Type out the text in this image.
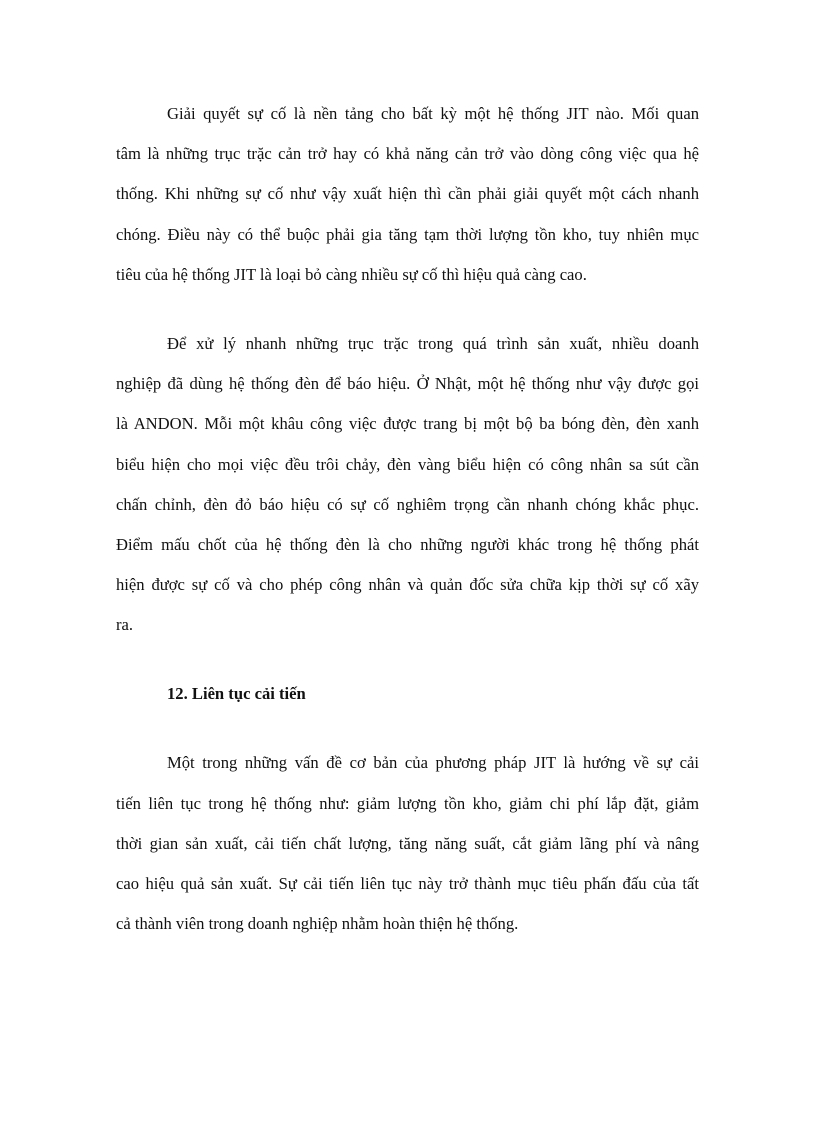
Giải quyết sự cố là nền tảng cho bất kỳ một hệ thống JIT nào. Mối quan
tâm là những trục trặc cản trở hay có khả năng cản trở vào dòng công việc qua hệ
thống. Khi những sự cố như vậy xuất hiện thì cần phải giải quyết một cách nhanh
chóng. Điều này có thể buộc phải gia tăng tạm thời lượng tồn kho, tuy nhiên mục
tiêu của hệ thống JIT là loại bỏ càng nhiều sự cố thì hiệu quả càng cao.
Để xử lý nhanh những trục trặc trong quá trình sản xuất, nhiều doanh
nghiệp đã dùng hệ thống đèn để báo hiệu. Ở Nhật, một hệ thống như vậy được gọi
là ANDON. Mỗi một khâu công việc được trang bị một bộ ba bóng đèn, đèn xanh
biểu hiện cho mọi việc đều trôi chảy, đèn vàng biểu hiện có công nhân sa sút cần
chấn chỉnh, đèn đỏ báo hiệu có sự cố nghiêm trọng cần nhanh chóng khắc phục.
Điểm mấu chốt của hệ thống đèn là cho những người khác trong hệ thống phát
hiện được sự cố và cho phép công nhân và quản đốc sửa chữa kịp thời sự cố xãy
ra.
12. Liên tục cải tiến
Một trong những vấn đề cơ bản của phương pháp JIT là hướng về sự cải
tiến liên tục trong hệ thống như: giảm lượng tồn kho, giảm chi phí lắp đặt, giảm
thời gian sản xuất, cải tiến chất lượng, tăng năng suất, cắt giảm lãng phí và nâng
cao hiệu quả sản xuất. Sự cải tiến liên tục này trở thành mục tiêu phấn đấu của tất
cả thành viên trong doanh nghiệp nhằm hoàn thiện hệ thống.
